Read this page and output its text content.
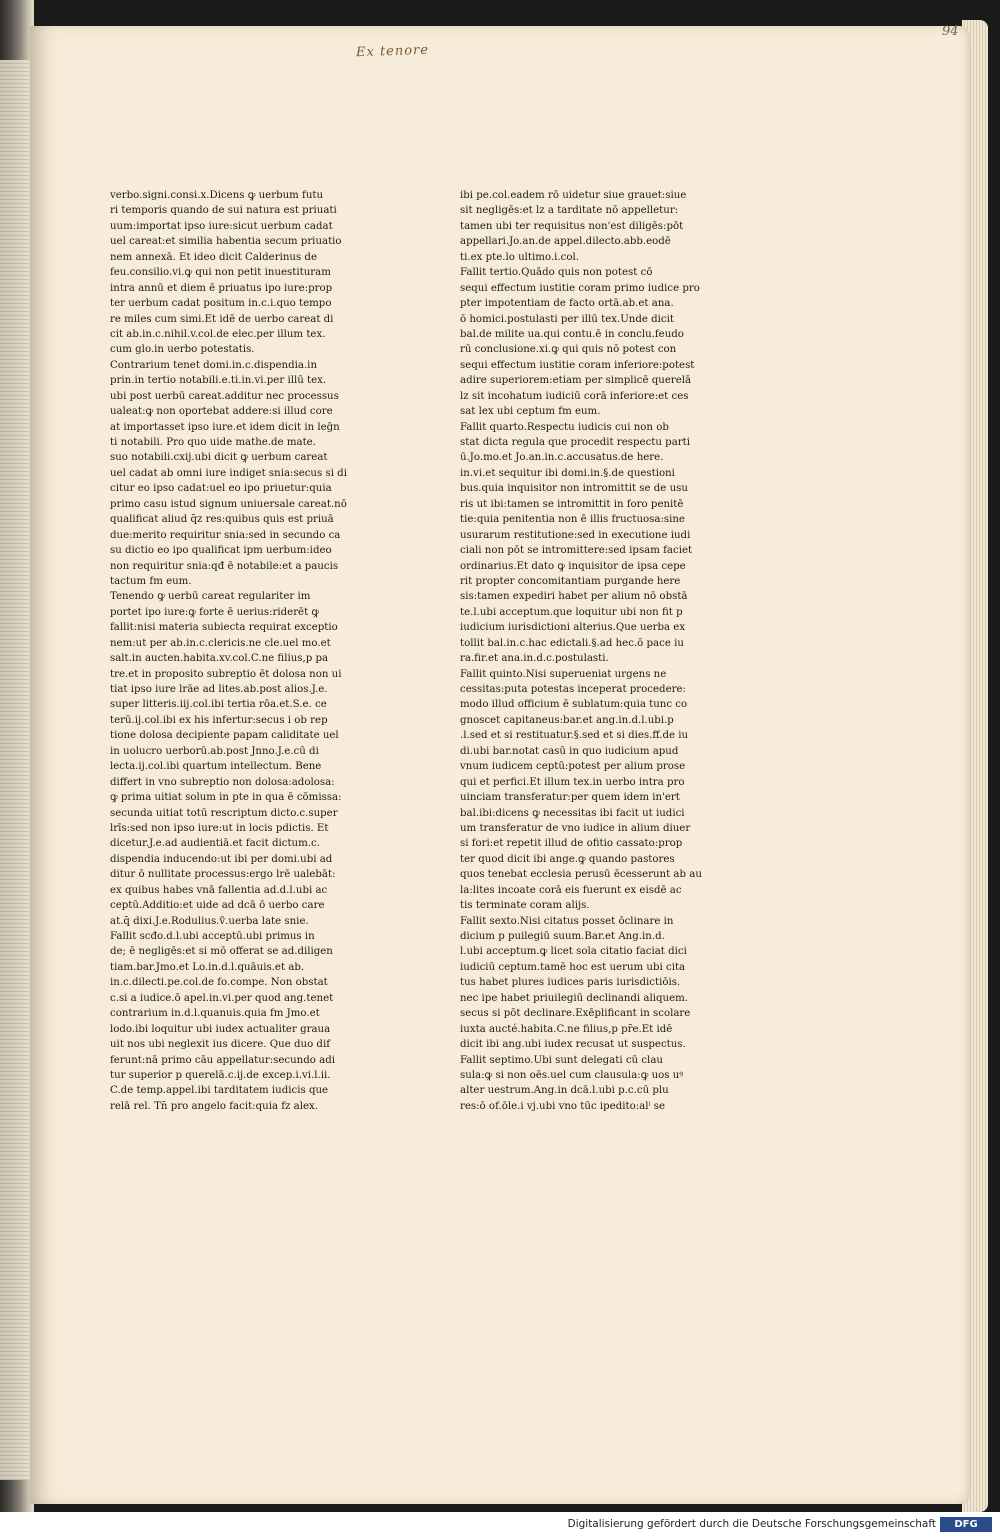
94
Ex tenore
verbo.signi.consi.x.Dicens ꝙ uerbum futu
ri temporis quando de sui natura est priuati
uum:importat ipso iure:sicut uerbum cadat
uel careat:et similia habentia secum priuatio
nem annexā. Et ideo dicit Calderinus de
feu.consilio.vi.ꝙ qui non petit inuestituram
intra annū et diem ē priuatus ipo iure:prop
ter uerbum cadat positum in.c.i.quo tempo
re miles cum simi.Et idē de uerbo careat di
cit ab.in.c.nihil.v.col.de elec.per illum tex.
cum glo.in uerbo potestatis.
Contrarium tenet domi.in.c.dispendia.in
prin.in tertio notabili.e.ti.in.vi.per illū tex.
ubi post uerbū careat.additur nec processus
ualeat:ꝙ non oportebat addere:si illud core
at importasset ipso iure.et idem dicit in leḡn
ti notabili. Pro quo uide mathe.de mate.
suo notabili.cxij.ubi dicit ꝙ uerbum careat
uel cadat ab omni iure indiget snia:secus si di
citur eo ipso cadat:uel eo ipo priuetur:quia
primo casu istud signum uniuersale careat.nō
qualificat aliud q̄z res:quibus quis est priuā
due:merito requiritur snia:sed in secundo ca
su dictio eo ipo qualificat ipm uerbum:ideo
non requiritur snia:qđ ē notabile:et a paucis
tactum fm eum.
Tenendo ꝙ uerbū careat regulariter im
portet ipo iure:ꝙ forte ē uerius:riderēt ꝙ
fallit:nisi materia subiecta requirat exceptio
nem:ut per ab.in.c.clericis.ne cle.uel mo.et
salt.in aucten.habita.xv.col.C.ne filius,p pa
tre.et in proposito subreptio ēt dolosa non ui
tiat ipso iure lrāe ad lites.ab.post alios.J.e.
super litteris.iij.col.ibi tertia rōa.et.S.e. ce
terū.ij.col.ibi ex his infertur:secus i ob rep
tione dolosa decipiente papam caliditate uel
in uolucro uerborū.ab.post Jnno.J.e.cū di
lecta.ij.col.ibi quartum intellectum. Bene
differt in vno subreptio non dolosa:adolosa:
ꝙ prima uitiat solum in pte in qua ē cōmissa:
secunda uitiat totū rescriptum dicto.c.super
lrīs:sed non ipso iure:ut in locis pdictis. Et
dicetur.J.e.ad audientiā.et facit dictum.c.
dispendia inducendo:ut ibi per domi.ubi ad
ditur ō nullitate processus:ergo lrē ualebāt:
ex quibus habes vnā fallentia ad.d.l.ubi ac
ceptū.Additio:et uide ad dcā ō uerbo care
at.q̄ dixi.J.e.Rodulius.ṽ.uerba late snie.
Fallit scđo.d.l.ubi acceptū.ubi primus in
de; ē negligēs:et si mō offerat se ad.diligen
tiam.bar.Jmo.et Lo.in.d.l.quāuis.et ab.
in.c.dilecti.pe.col.de fo.compe. Non obstat
c.si a iudice.ō apel.in.vi.per quod ang.tenet
contrarium in.d.l.quanuis.quia fm Jmo.et
lodo.ibi loquitur ubi iudex actualiter graua
uit nos ubi neglexit ius dicere. Que duo dif
ferunt:nā primo cāu appellatur:secundo adi
tur superior p querelā.c.ij.de excep.i.vi.l.ii.
C.de temp.appel.ibi tarditatem iudicis que
relā rel. Tn̄ pro angelo facit:quia fz alex.
ibi pe.col.eadem rō uidetur siue grauet:siue
sit negligēs:et lz a tarditate nō appelletur:
tamen ubi ter requisitus non'est diligēs:pōt
appellari.Jo.an.de appel.dilecto.abb.eodē
ti.ex pte.lo ultimo.i.col.
Fallit tertio.Quādo quis non potest cō
sequi effectum iustitie coram primo iudice pro
pter impotentiam de facto ortā.ab.et ana.
ō homici.postulasti per illū tex.Unde dicit
bal.de milite ua.qui contu.ē in conclu.feudo
rū conclusione.xi.ꝙ qui quis nō potest con
sequi effectum iustitie coram inferiore:potest
adire superiorem:etiam per simplicē querelā
lz sit incohatum iudiciū corā inferiore:et ces
sat lex ubi ceptum fm eum.
Fallit quarto.Respectu iudicis cui non ob
stat dicta regula que procedit respectu parti
ū.Jo.mo.et Jo.an.in.c.accusatus.de here.
in.vi.et sequitur ibi domi.in.§.de questioni
bus.quia inquisitor non intromittit se de usu
ris ut ibi:tamen se intromittit in foro penitē
tie:quia penitentia non ē illis fructuosa:sine
usurarum restitutione:sed in executione iudi
ciali non pōt se intromittere:sed ipsam faciet
ordinarius.Et dato ꝙ inquisitor de ipsa cepe
rit propter concomitantiam purgande here
sis:tamen expediri habet per alium nō obstā
te.l.ubi acceptum.que loquitur ubi non fit p
iudicium iurisdictioni alterius.Que uerba ex
tollit bal.in.c.hac edictali.§.ad hec.ō pace iu
ra.fir.et ana.in.d.c.postulasti.
Fallit quinto.Nisi superueniat urgens ne
cessitas:puta potestas inceperat procedere:
modo illud officium ē sublatum:quia tunc co
gnoscet capitaneus:bar.et ang.in.d.l.ubi.p
.l.sed et si restituatur.§.sed et si dies.ff.de iu
di.ubi bar.notat casū in quo iudicium apud
vnum iudicem ceptū:potest per alium prose
qui et perfici.Et illum tex.in uerbo intra pro
uinciam transferatur:per quem idem in'ert
bal.ibi:dicens ꝙ necessitas ibi facit ut iudici
um transferatur de vno iudice in alium diuer
si fori:et repetit illud de ofitio cassato:prop
ter quod dicit ibi ange.ꝙ quando pastores
quos tenebat ecclesia perusū ēcesserunt ab au
la:lites incoate corā eis fuerunt ex eisdē ac
tis terminate coram alijs.
Fallit sexto.Nisi citatus posset ōclinare in
dicium p puilegiū suum.Bar.et Ang.in.d.
l.ubi acceptum.ꝙ licet sola citatio faciat dici
iudiciū ceptum.tamē hoc est uerum ubi cita
tus habet plures iudices paris iurisdictiōis.
nec ipe habet priuilegiū declinandi aliquem.
secus si pōt declinare.Exēplificant in scolare
iuxta aucté.habita.C.ne filius,p pr̄e.Et idē
dicit ibi ang.ubi iudex recusat ut suspectus.
Fallit septimo.Ubi sunt delegati cū clau
sula:ꝙ si non oēs.uel cum clausula:ꝙ uos uꝰ
alter uestrum.Ang.in dcā.l.ubi p.c.cū plu
res:ō of.ōle.i vj.ubi vno tūc ipedito:alⁱ se
Digitalisierung gefördert durch die Deutsche Forschungsgemeinschaft	DFG
